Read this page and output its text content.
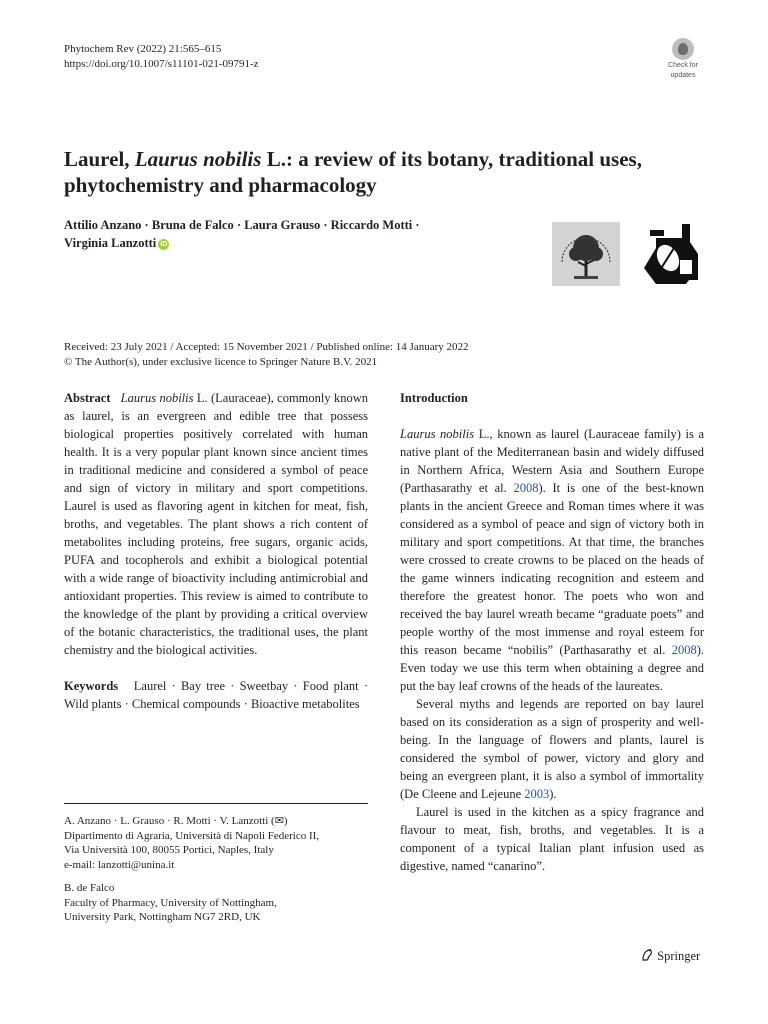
Phytochem Rev (2022) 21:565–615
https://doi.org/10.1007/s11101-021-09791-z	Check for
updates
Laurel, Laurus nobilis L.: a review of its botany, traditional uses, phytochemistry and pharmacology
Attilio Anzano · Bruna de Falco · Laura Grauso · Riccardo Motti ·
Virginia Lanzotti iD
Received: 23 July 2021 / Accepted: 15 November 2021 / Published online: 14 January 2022
© The Author(s), under exclusive licence to Springer Nature B.V. 2021

Abstract Laurus nobilis L. (Lauraceae), commonly known as laurel, is an evergreen and edible tree that possess biological properties positively correlated with human health. It is a very popular plant known since ancient times in traditional medicine and considered a symbol of peace and sign of victory in military and sport competitions. Laurel is used as flavoring agent in kitchen for meat, fish, broths, and vegetables. The plant shows a rich content of metabolites including proteins, free sugars, organic acids, PUFA and tocopherols and exhibit a biological potential with a wide range of bioactivity including antimicrobial and antioxidant properties. This review is aimed to contribute to the knowledge of the plant by providing a critical overview of the botanic characteristics, the traditional uses, the plant chemistry and the biological activities.

Keywords Laurel · Bay tree · Sweetbay · Food plant · Wild plants · Chemical compounds · Bioactive metabolites

A. Anzano · L. Grauso · R. Motti · V. Lanzotti (✉)
Dipartimento di Agraria, Università di Napoli Federico II,
Via Università 100, 80055 Portici, Naples, Italy
e-mail: lanzotti@unina.it
B. de Falco
Faculty of Pharmacy, University of Nottingham,
University Park, Nottingham NG7 2RD, UK

Introduction

Laurus nobilis L., known as laurel (Lauraceae family) is a native plant of the Mediterranean basin and widely diffused in Northern Africa, Western Asia and Southern Europe (Parthasarathy et al. 2008). It is one of the best-known plants in the ancient Greece and Roman times where it was considered as a symbol of peace and sign of victory both in military and sport competitions. At that time, the branches were crossed to create crowns to be placed on the heads of the game winners indicating recognition and esteem and therefore the greatest honor. The poets who won and received the bay laurel wreath became “graduate poets” and people worthy of the most immense and royal esteem for this reason became “nobilis” (Parthasarathy et al. 2008). Even today we use this term when obtaining a degree and put the bay leaf crowns of the heads of the laureates.

Several myths and legends are reported on bay laurel based on its consideration as a sign of prosperity and well-being. In the language of flowers and plants, laurel is considered the symbol of power, victory and glory and being an evergreen plant, it is also a symbol of immortality (De Cleene and Lejeune 2003).

Laurel is used in the kitchen as a spicy fragrance and flavour to meat, fish, broths, and vegetables. It is a component of a typical Italian plant infusion used as digestive, named “canarino”.

Springer
